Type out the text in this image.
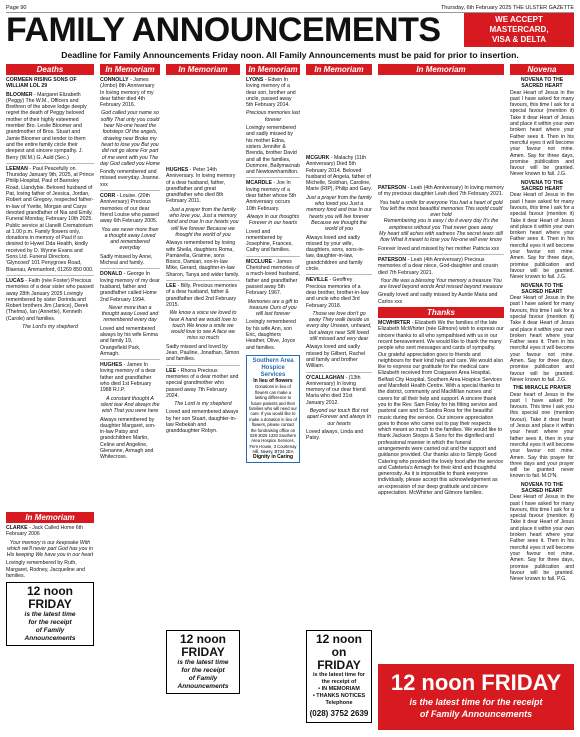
Page 90	Thursday, 6th February 2025 THE ULSTER GAZETTE
FAMILY ANNOUNCEMENTS	WE ACCEPT
MASTERCARD,
VISA & DELTA
Deadline for Family Announcements Friday noon. All Family Announcements must be paid for prior to insertion.
Deaths
CORMEEN RISING SONS OF WILLIAM LOL 29
BLOOMER - Margaret Elizabeth (Peggy) The W.M., Officers and Brethren of the above lodge deeply regret the death of Peggy beloved mother of their highly esteemed member Bro. Leslie Bloomer and grandmother of Bros. Stuart and Jamie Bloomer and tender to them and the entire family circle their deepest and sincere sympathy. J. Berry (W.M.) G. Auld (Sec.)
LEEMAN - Paul Peacefully on Thursday January 9th, 2025, at Prince Philip Hospital, Paul of Barnsley Road, Llandybie. Beloved husband of Pat, loving father of Jessica, Jordan, Robert and Gregory, respected father-in-law of Yvette, Morgan and Carys devoted grandfather of Nia and Emily. Funeral Monday, February 10th 2025. Public service at Llanelli Crematorium at 1.00 p.m. Family flowers only, donations in memory of Paul if so desired to Hywel Dda Health, kindly received by D. Wynne Evans and Sons Ltd. Funeral Directors, 'Glyncoed' 101 Penygroes Road, Blaenau, Ammanford, 01269 850 000.
LUCAS - Faith (née Foster) Precious memories of a dear sister who passed away 28th January 2025 Lovingly remembered by sister Dorinda and Robert brothers Jim (Janice), Derek (Thelma), Ian (Annette), Kenneth (Carole) and families.
The Lord's my shepherd
In Memoriam
CONNOLLY - James (Jimbo) 8th Anniversary In loving memory of my dear father died 4th February 2016.
God called your name so softly That only you could hear No-one heard the footsteps Of the angels, drawing near Broke my heart to lose you But you did not go alone For part of me went with you The day God called you Home
Fondly remembered and missed everyday. Joanne. xxx
CORR - Louise. (20th Anniversary) Precious memories of our dear friend Louise who passed away 6th February 2005.
You are never more than a thought away Loved and remembered everyday
Sadly missed by Anne, Micheal and family.
DONALD - George In loving memory of my dear husband, father and grandfather called Home 2nd February 1994.
Never more than a thought away Loved and remembered every day
Loved and remembered always by his wife Emma and family 19, Orangefield Park, Armagh.
HUGHES - James In loving memory of a dear father and grandfather who died 1st February 1988 R.I.P.
A constant thought A silent tear And always the wish That you were here
Always remembered by daughter Margaret, son-in-law Patsy and grandchildren Martin, Celine and Angeline, Glenanne, Armagh and Whitecross.
In Memoriam
CLARKE - Jack Called Home 6th February 2006
Your memory is our keepsake With which we'll never part God has you in His keeping We have you in our heart
Lovingly remembered by Ruth, Margaret, Rodney, Jacqueline and families.
12 noon
FRIDAY
is the latest time
for the receipt
of Family
Announcements
In Memoriam
HUGHES - Peter 14th Anniversary. In loving memory of a dear husband, father, grandfather and great grandfather who died 8th February 2011.
Just a prayer from the family who love you, Just a memory fond and true In our hearts you will live forever Because we thought the world of you
Always remembered by loving wife Sheila, daughters Roma, Pamarella, Grainne, sons Bosco, Damian, son-in-law Mike, Gerard, daughter-in-law Sharon, Tanya and wider family.
LEE - Billy. Precious memories of a dear husband, father & grandfather died 2nd February 2015.
We know a voice we loved to hear A hand we would love to touch We know a smile we would love to see A face we miss so much
Sadly missed and loved by Jean, Pauline, Jonathan, Simon and families.
LEE - Rhona Precious memories of a dear mother and special grandmother who passed away 7th February 2024.
The Lord is my shepherd
Loved and remembered always by her son Stuart, daughter-in-law Rebekah and granddaughter Robyn.
12 noon
FRIDAY
is the latest time
for the receipt
of Family
Announcements
In Memoriam
LYONS - Edwin In loving memory of a dear son, brother and uncle, passed away 5th February 2014.
Precious memories last forever
Lovingly remembered and sadly missed by his mother Edna, sisters Jennifer & Brenda, brother David and all the families, Dunmore, Ballymacnab and Newtownhamilton.
MCARDLE - Joe In loving memory of a dear father whose 5th Anniversary occurs 10th February.
Always in our thoughts Forever in our hearts
Loved and remembered by Josephine, Frances, Cathy and families.
MCCLURE - James Cherished memories of a much-loved husband, father and grandfather passed away 5th February 1967.
Memories are a gift to treasure Ours of you will last forever
Lovingly remembered by his wife Ann, son Eric, daughters Heather, Olive, Joyce and families.
Southern Area Hospice Services
In lieu of flowers
Donations in lieu of flowers can make a lasting difference to future patients and their families who will need our care. If you would like to make a donation in lieu of flowers, please contact the fundraising office on 028 3025 1333 Southern Area Hospice Services, Fern House, 3 Courtenay Hill, Newry, BT34 2EA
Dignity in Caring
In Memoriam
MCGURK - Malachy (11th Anniversary) Died 5th February 2014. Beloved husband of Angela, father of Michelle, Siobhan, Caroline, Marie (RIP), Philip and Gary.
Just a prayer from the family who loved you Just a memory fond and true In our hearts you will live forever Because we thought the world of you
Always loved and sadly missed by your wife, daughters, sons, sons-in-law, daughter-in-law, grandchildren and family circle.
NEVILLE - Geoffrey Precious memories of a dear brother, brother-in-law and uncle who died 3rd February 2018.
Those we love don't go away They walk beside us every day Unseen, unheard, but always near Still loved still missed and very dear
Always loved and sadly missed by Gilbert, Rachel and family and brother William.
O'CALLAGHAN - (13th Anniversary) In loving memory of our dear friend Maria who died 31st January 2012.
Beyond our touch But not apart Forever and always In our hearts
Loved always, Linda and Patsy.
12 noon on
FRIDAY
is the latest time for
the receipt of
• IN MEMORIAM
• THANKS NOTICES
Telephone
(028) 3752 2639
In Memoriam
PATERSON - Leah (4th Anniversary) In loving memory of my precious daughter Leah died 7th February 2021.
You held a smile for everyone You had a heart of gold You left the most beautiful memories This world could ever hold
Remembering you is easy I do it every day It's the emptiness without you That never goes away
My heart still aches with sadness The secret tears still flow What it meant to lose you No-one will ever know
Forever loved and missed by her mother Patricia xxx
PATERSON - Leah (4th Anniversary) Precious memories of a dear niece, God-daughter and cousin died 7th February 2021.
Your life was a blessing Your memory a treasure You are loved beyond words And missed beyond measure
Greatly loved and sadly missed by Auntie Maria and Carlos xxx
Thanks
MCWHIRTER - Elizabeth We the families of the late Elizabeth McWhirter (née Gilmore) wish to express our sincere thanks to all who sympathised with us in our recent bereavement. We would like to thank the many people who sent messages and cards of sympathy. Our grateful appreciation goes to friends and neighbours for their kind help and care. We would also like to express our gratitude for the medical care Elizabeth received from Craigavon Area Hospital, Belfast City Hospital, Southern Area Hospice Services and Marsfield Health Centre. With a special thanks to the district, community and MacMillan nurses and carers for all their help and support. A sincere thank you to the Rev. Sam Finlay for his fitting service and pastoral care and to Sandra Ross for the beautiful music during the service. Our sincere appreciation goes to those who came out to pay their respects which meant so much to the families. We would like to thank Jackson Stoops & Sons for the dignified and professional manner in which the funeral arrangements were carried out and the support and guidance provided. Our thanks also to Simply Good Catering who provided the lovely food after the service and Cafeteria's Armagh for their kind and thoughtful generosity. As it is impossible to thank everyone individually, please accept this acknowledgement as an expression of our deep gratitude and sincere appreciation. McWhirter and Gilmore families.
Novena

NOVENA TO THE SACRED HEART
Dear Heart of Jesus in the past I have asked for many favours, this time I ask for a special favour (mention it) Take it dear Heart of Jesus and place it within your own broken heart where your Father sees it. Then in his merciful eyes it will become your favour not mine. Amen. Say for three days, promise publication and favour will be granted. Never known to fail. J.G.

NOVENA TO THE SACRED HEART
Dear Heart of Jesus in the past I have asked for many favours, this time I ask for a special favour (mention it) Take it dear Heart of Jesus and place it within your own broken heart where your Father sees it. Then in his merciful eyes it will become your favour not mine. Amen. Say for three days, promise publication and favour will be granted. Never known to fail. J.G.

NOVENA TO THE SACRED HEART
Dear Heart of Jesus in the past I have asked for many favours, this time I ask for a special favour (mention it) Take it dear Heart of Jesus and place it within your own broken heart where your Father sees it. Then in his merciful eyes it will become your favour not mine. Amen. Say for three days, promise publication and favour will be granted. Never known to fail. J.G.

THE MIRACLE PRAYER
Dear heart of Jesus in the past I have asked for favours. This time I ask you this special one (mention favour). Take it dear heart of Jesus and place it within your heart where your father sees it, then in your merciful eyes it will become your favour not mine. Amen. Say this prayer for three days and your prayer will be granted never known to fail. M.O'N.

NOVENA TO THE SACRED HEART
Dear Heart of Jesus in the past I have asked for many favours, this time I ask for a special favour (mention it) Take it dear Heart of Jesus and place it within your own broken heart where your Father sees it. Then in his merciful eyes it will become your favour not mine. Amen. Say for three days, promise publication and favour will be granted. Never known to fail. P.G.

12 noon FRIDAY
is the latest time for the receipt
of Family Announcements
